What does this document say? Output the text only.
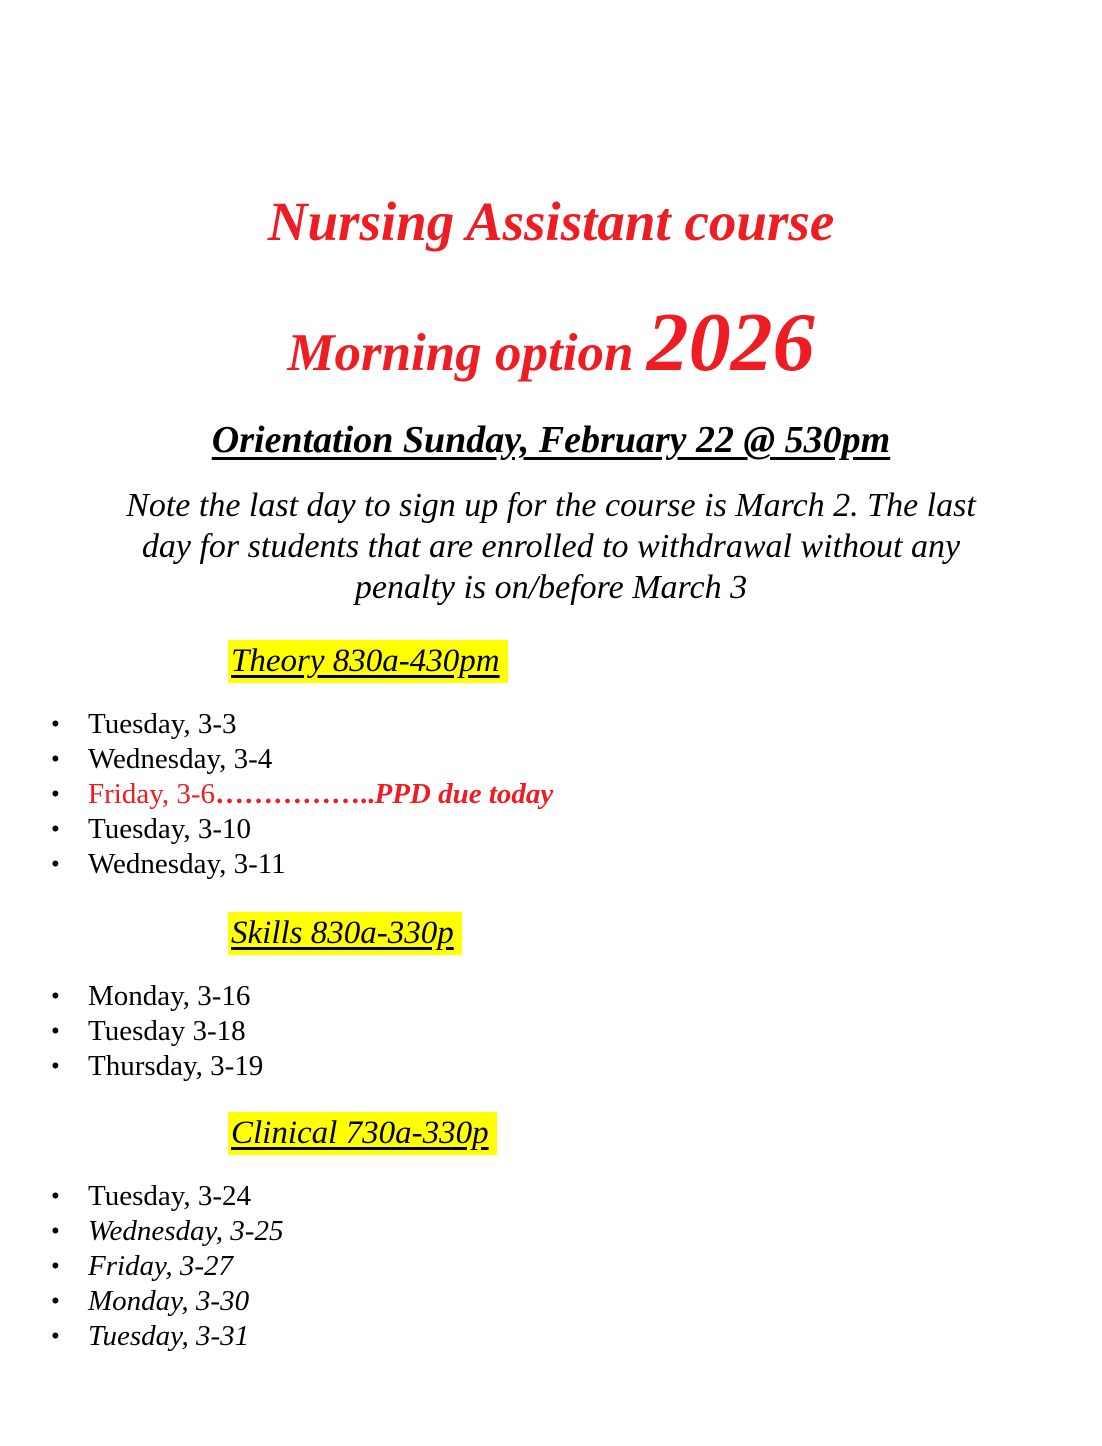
Nursing Assistant course
Morning option 2026
Orientation Sunday, February 22 @ 530pm
Note the last day to sign up for the course is March 2. The last
day for students that are enrolled to withdrawal without any
penalty is on/before March 3
Theory 830a-430pm
• Tuesday, 3-3
• Wednesday, 3-4
• Friday, 3-6……………..PPD due today
• Tuesday, 3-10
• Wednesday, 3-11
Skills 830a-330p
• Monday, 3-16
• Tuesday 3-18
• Thursday, 3-19
Clinical 730a-330p
• Tuesday, 3-24
• Wednesday, 3-25
• Friday, 3-27
• Monday, 3-30
• Tuesday, 3-31
